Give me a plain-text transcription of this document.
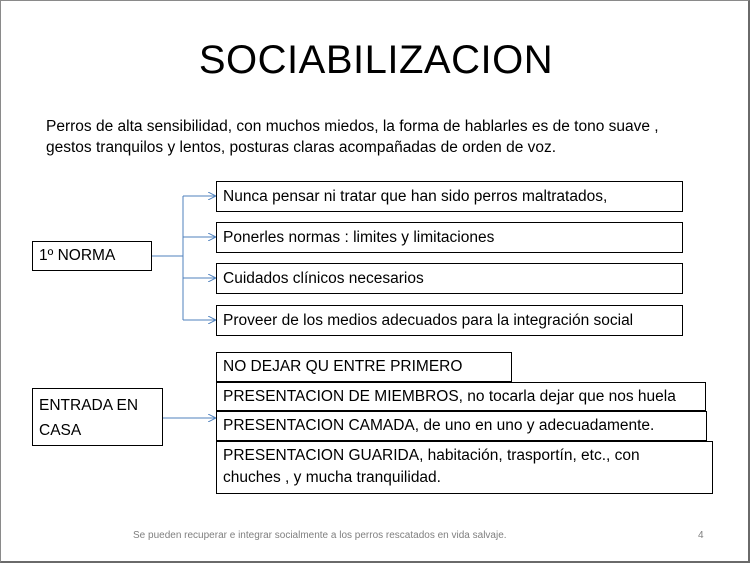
SOCIABILIZACION
Perros de alta sensibilidad, con muchos miedos, la forma de hablarles es de tono suave , gestos tranquilos y lentos, posturas claras acompañadas de orden de voz.
1º NORMA
Nunca pensar ni tratar que han sido perros maltratados,
Ponerles normas : limites y limitaciones
Cuidados clínicos necesarios
Proveer de los medios adecuados para la integración social
ENTRADA EN CASA
NO DEJAR QU ENTRE PRIMERO
PRESENTACION DE MIEMBROS, no tocarla dejar que nos huela
PRESENTACION CAMADA, de uno en uno y adecuadamente.
PRESENTACION GUARIDA, habitación, trasportín, etc., con chuches , y mucha tranquilidad.
Se pueden recuperar e integrar socialmente a los perros rescatados en vida salvaje.	4
